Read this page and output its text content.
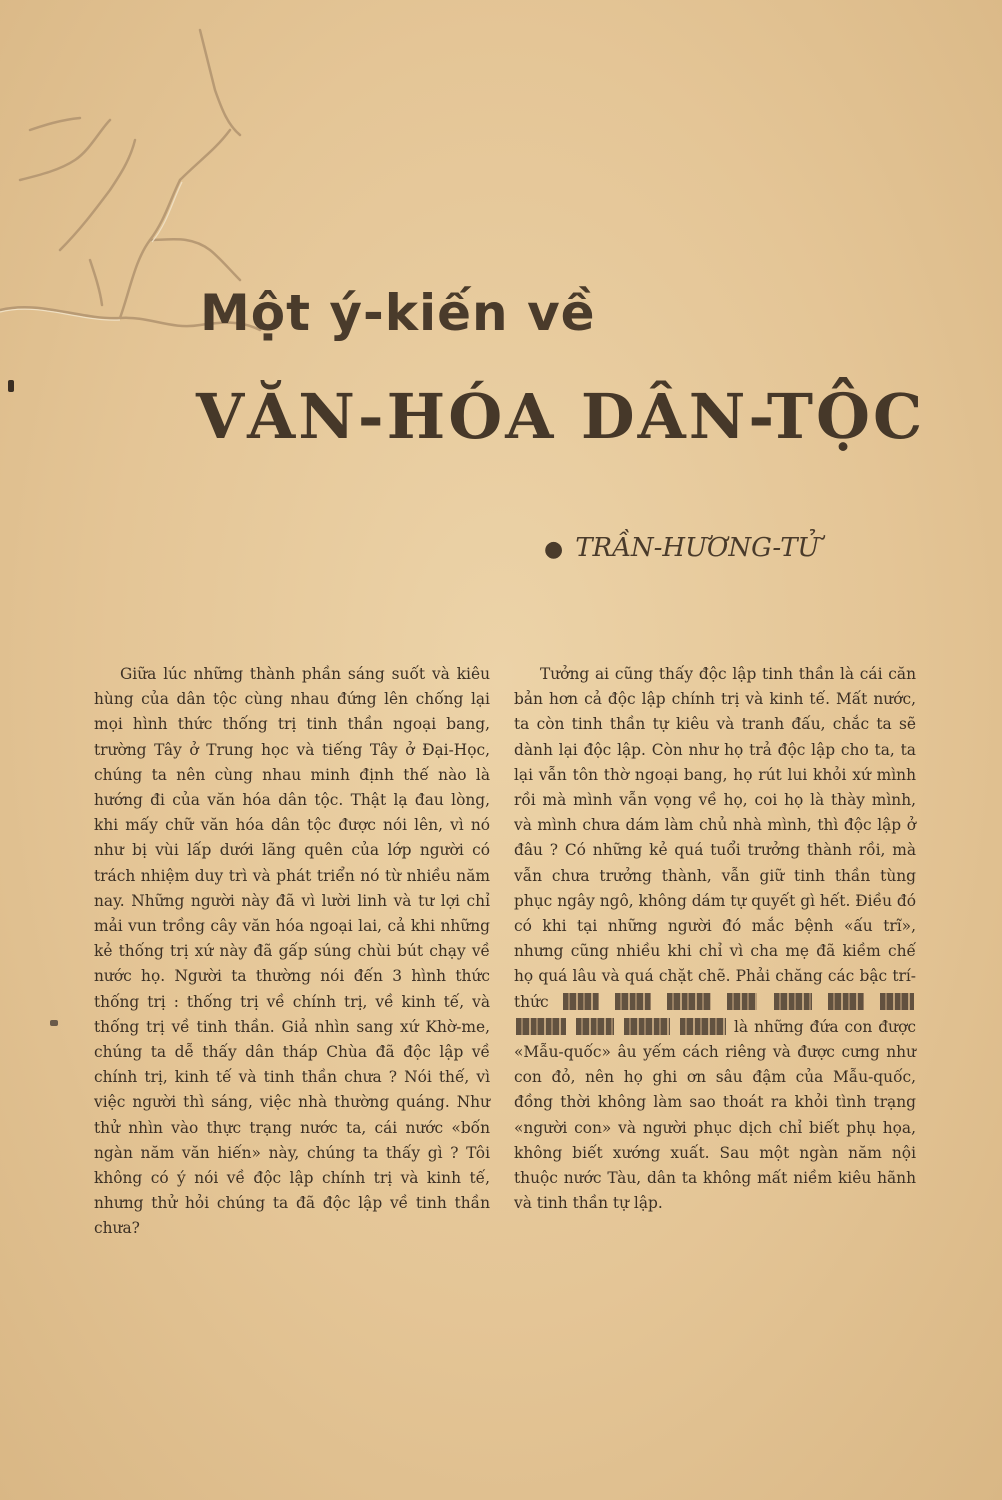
Một ý-kiến về
VĂN-HÓA DÂN-TỘC
● TRẦN-HƯƠNG-TỬ

Giữa lúc những thành phần sáng suốt và kiêu hùng của dân tộc cùng nhau đứng lên chống lại mọi hình thức thống trị tinh thần ngoại bang, trường Tây ở Trung học và tiếng Tây ở Đại-Học, chúng ta nên cùng nhau minh định thế nào là hướng đi của văn hóa dân tộc. Thật lạ đau lòng, khi mấy chữ văn hóa dân tộc được nói lên, vì nó như bị vùi lấp dưới lãng quên của lớp người có trách nhiệm duy trì và phát triển nó từ nhiều năm nay. Những người này đã vì lười linh và tư lợi chỉ mải vun trồng cây văn hóa ngoại lai, cả khi những kẻ thống trị xứ này đã gấp súng chùi bút chạy về nước họ. Người ta thường nói đến 3 hình thức thống trị : thống trị về chính trị, về kinh tế, và thống trị về tinh thần. Giả nhìn sang xứ Khờ-me, chúng ta dễ thấy dân tháp Chùa đã độc lập về chính trị, kinh tế và tinh thần chưa ? Nói thế, vì việc người thì sáng, việc nhà thường quáng. Như thử nhìn vào thực trạng nước ta, cái nước «bốn ngàn năm văn hiến» này, chúng ta thấy gì ? Tôi không có ý nói về độc lập chính trị và kinh tế, nhưng thử hỏi chúng ta đã độc lập về tinh thần chưa?

Tưởng ai cũng thấy độc lập tinh thần là cái căn bản hơn cả độc lập chính trị và kinh tế. Mất nước, ta còn tinh thần tự kiêu và tranh đấu, chắc ta sẽ dành lại độc lập. Còn như họ trả độc lập cho ta, ta lại vẫn tôn thờ ngoại bang, họ rút lui khỏi xứ mình rồi mà mình vẫn vọng về họ, coi họ là thày mình, và mình chưa dám làm chủ nhà mình, thì độc lập ở đâu ? Có những kẻ quá tuổi trưởng thành rồi, mà vẫn chưa trưởng thành, vẫn giữ tinh thần tùng phục ngây ngô, không dám tự quyết gì hết. Điều đó có khi tại những người đó mắc bệnh «ấu trĩ», nhưng cũng nhiều khi chỉ vì cha mẹ đã kiềm chế họ quá lâu và quá chặt chẽ. Phải chăng các bậc trí-thức            là những đứa con được «Mẫu-quốc» âu yếm cách riêng và được cưng như con đỏ, nên họ ghi ơn sâu đậm của Mẫu-quốc, đồng thời không làm sao thoát ra khỏi tình trạng «người con» và người phục dịch chỉ biết phụ họa, không biết xướng xuất. Sau một ngàn năm nội thuộc nước Tàu, dân ta không mất niềm kiêu hãnh và tinh thần tự lập.
